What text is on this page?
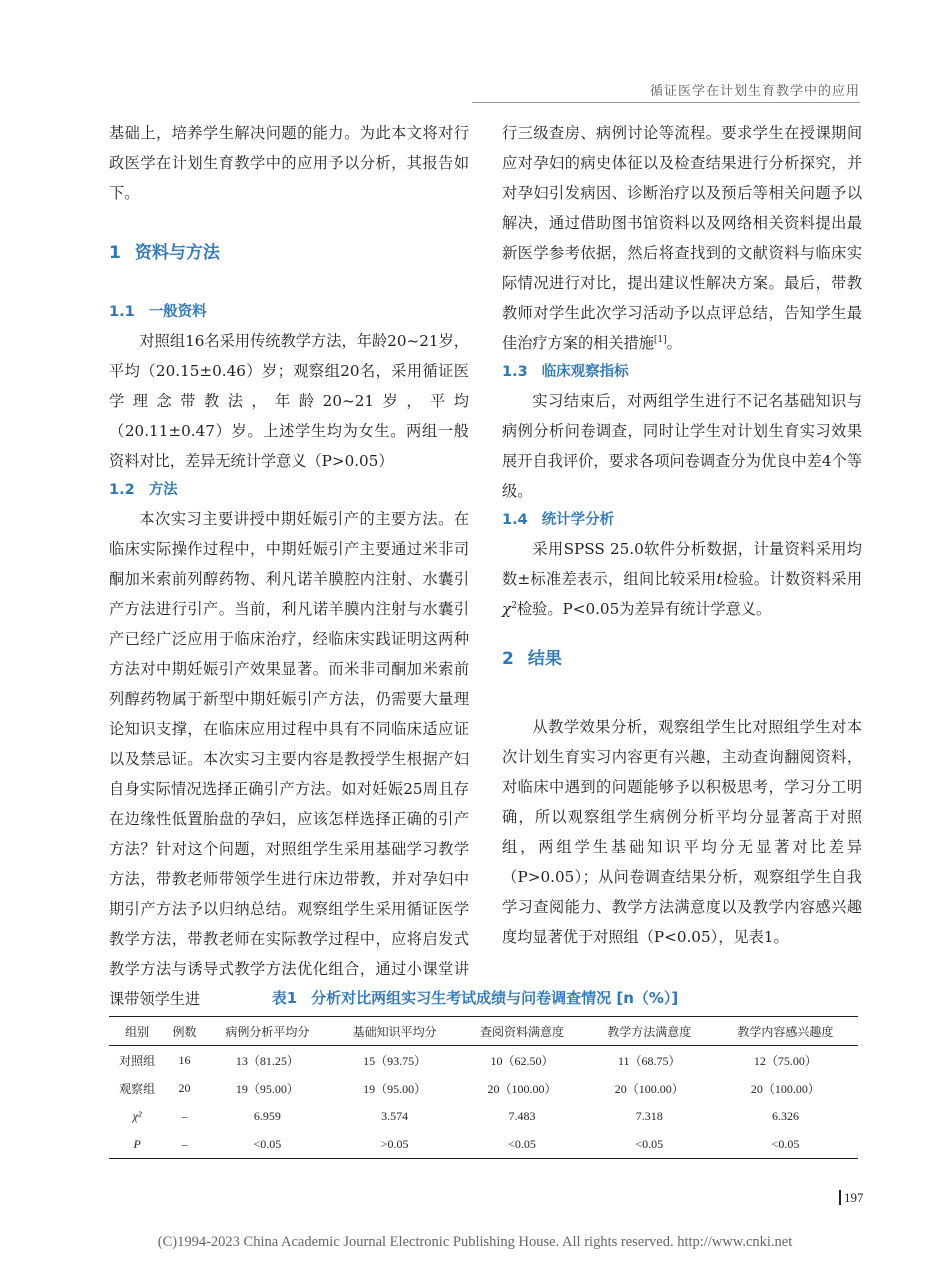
循证医学在计划生育教学中的应用

基础上，培养学生解决问题的能力。为此本文将对行政医学在计划生育教学中的应用予以分析，其报告如下。

1 资料与方法
1.1 一般资料

对照组16名采用传统教学方法，年龄20~21岁，平均（20.15±0.46）岁；观察组20名，采用循证医学理念带教法，年龄20~21岁，平均（20.11±0.47）岁。上述学生均为女生。两组一般资料对比，差异无统计学意义（P>0.05）

1.2 方法

本次实习主要讲授中期妊娠引产的主要方法。在临床实际操作过程中，中期妊娠引产主要通过米非司酮加米索前列醇药物、利凡诺羊膜腔内注射、水囊引产方法进行引产。当前，利凡诺羊膜内注射与水囊引产已经广泛应用于临床治疗，经临床实践证明这两种方法对中期妊娠引产效果显著。而米非司酮加米索前列醇药物属于新型中期妊娠引产方法，仍需要大量理论知识支撑，在临床应用过程中具有不同临床适应证以及禁忌证。本次实习主要内容是教授学生根据产妇自身实际情况选择正确引产方法。如对妊娠25周且存在边缘性低置胎盘的孕妇，应该怎样选择正确的引产方法？针对这个问题，对照组学生采用基础学习教学方法，带教老师带领学生进行床边带教，并对孕妇中期引产方法予以归纳总结。观察组学生采用循证医学教学方法，带教老师在实际教学过程中，应将启发式教学方法与诱导式教学方法优化组合，通过小课堂讲课带领学生进

行三级查房、病例讨论等流程。要求学生在授课期间应对孕妇的病史体征以及检查结果进行分析探究，并对孕妇引发病因、诊断治疗以及预后等相关问题予以解决，通过借助图书馆资料以及网络相关资料提出最新医学参考依据，然后将查找到的文献资料与临床实际情况进行对比，提出建议性解决方案。最后，带教教师对学生此次学习活动予以点评总结，告知学生最佳治疗方案的相关措施[1]。

1.3 临床观察指标

实习结束后，对两组学生进行不记名基础知识与病例分析问卷调查，同时让学生对计划生育实习效果展开自我评价，要求各项问卷调查分为优良中差4个等级。

1.4 统计学分析

采用SPSS 25.0软件分析数据，计量资料采用均数±标准差表示，组间比较采用t检验。计数资料采用$\chi^2$检验。P<0.05为差异有统计学意义。

2 结果

从教学效果分析，观察组学生比对照组学生对本次计划生育实习内容更有兴趣，主动查询翻阅资料，对临床中遇到的问题能够予以积极思考，学习分工明确，所以观察组学生病例分析平均分显著高于对照组，两组学生基础知识平均分无显著对比差异（P>0.05）；从问卷调查结果分析，观察组学生自我学习查阅能力、教学方法满意度以及教学内容感兴趣度均显著优于对照组（P<0.05），见表1。

表1 分析对比两组实习生考试成绩与问卷调查情况 [n（%）]
组别	例数	病例分析平均分	基础知识平均分	查阅资料满意度	教学方法满意度	教学内容感兴趣度
对照组	16	13（81.25）	15（93.75）	10（62.50）	11（68.75）	12（75.00）
观察组	20	19（95.00）	19（95.00）	20（100.00）	20（100.00）	20（100.00）
χ²	–	6.959	3.574	7.483	7.318	6.326
P	–	<0.05	>0.05	<0.05	<0.05	<0.05
197
(C)1994-2023 China Academic Journal Electronic Publishing House. All rights reserved. http://www.cnki.net
